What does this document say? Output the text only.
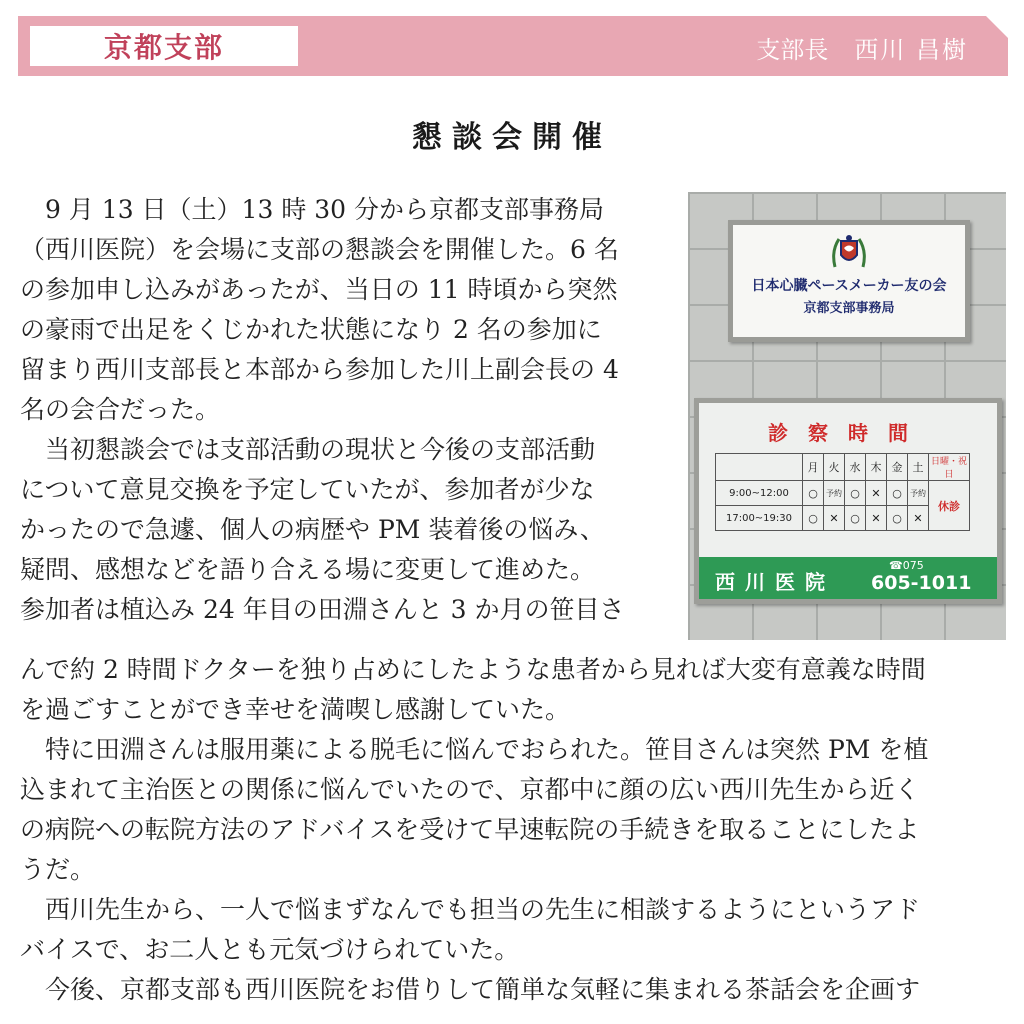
京都支部	支部長 西川 昌樹
懇談会開催
日本心臓ペースメーカー友の会
京都支部事務局
診察時間
	月	火	水	木	金	土	日曜・祝日
9:00~12:00	○	予約	○	✕	○	予約	休診
17:00~19:30	○	✕	○	✕	○	✕	
西川医院
☎075
605-1011
　9 月 13 日（土）13 時 30 分から京都支部事務局
（西川医院）を会場に支部の懇談会を開催した。6 名
の参加申し込みがあったが、当日の 11 時頃から突然
の豪雨で出足をくじかれた状態になり 2 名の参加に
留まり西川支部長と本部から参加した川上副会長の 4
名の会合だった。
　当初懇談会では支部活動の現状と今後の支部活動
について意見交換を予定していたが、参加者が少な
かったので急遽、個人の病歴や PM 装着後の悩み、
疑問、感想などを語り合える場に変更して進めた。
参加者は植込み 24 年目の田淵さんと 3 か月の笹目さ
んで約 2 時間ドクターを独り占めにしたような患者から見れば大変有意義な時間
を過ごすことができ幸せを満喫し感謝していた。
　特に田淵さんは服用薬による脱毛に悩んでおられた。笹目さんは突然 PM を植
込まれて主治医との関係に悩んでいたので、京都中に顔の広い西川先生から近く
の病院への転院方法のアドバイスを受けて早速転院の手続きを取ることにしたよ
うだ。
　西川先生から、一人で悩まずなんでも担当の先生に相談するようにというアド
バイスで、お二人とも元気づけられていた。
　今後、京都支部も西川医院をお借りして簡単な気軽に集まれる茶話会を企画す
